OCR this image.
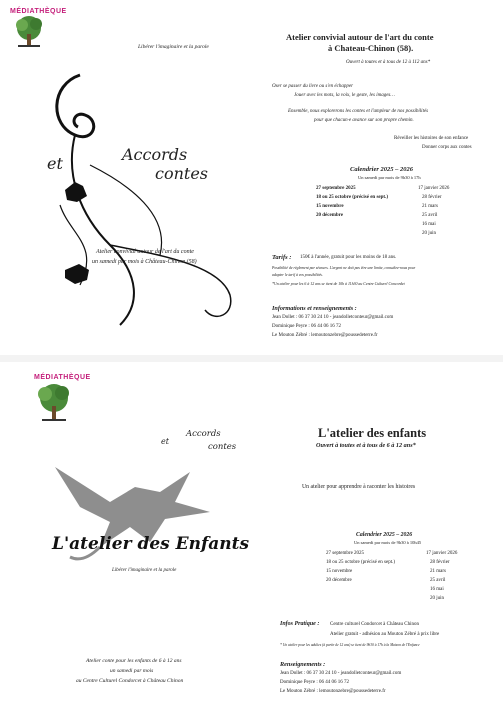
MÉDIATHÈQUE
Libérer l'imaginaire et la parole
et	Accords
contes
Atelier convivial autour de l'art du conte
un samedi par mois à Château-Chinon (58)
Atelier convivial autour de l'art du conte
à Chateau-Chinon (58).
Ouvert à toutes et à tous de 12 à 112 ans*
Oser se passer du livre ou s'en échapper
Jouer avec les mots, la voix, le geste, les images…
Ensemble, nous explorerons les contes et l'ampleur de nos possibilités
pour que chacun·e avance sur son propre chemin.
Réveiller les histoires de son enfance
Donner corps aux contes
Calendrier 2025 – 2026
Un samedi par mois de 9h30 à 17h
27 septembre 2025
18 ou 25 octobre (précisé en sept.)
15 novembre
20 décembre
17 janvier 2026
28 février
21 mars
25 avril
16 mai
20 juin
Tarifs : 150€ à l'année, gratuit pour les moins de 18 ans.
Possibilité de règlement par séances. L'argent ne doit pas être une limite, consultez-nous pour
adapter le tarif à vos possibilités.
*Un atelier pour les 6 à 12 ans se tient de 10h à 11h30 au Centre Culturel Concordet
Informations et renseignements :
Jean Dollet : 06 37 30 24 10 - jeandolletconteur@gmail.com
Dominique Peyre : 06 44 06 16 72
Le Mouton Zébré : lemoutonzebre@poussedeterre.fr
MÉDIATHÈQUE
et
Accords
contes
L'atelier des Enfants
Libérer l'imaginaire et la parole
Atelier conte pour les enfants de 6 à 12 ans
un samedi par mois
au Centre Culturel Condorcet à Château Chinon
L'atelier des enfants
Ouvert à toutes et à tous de 6 à 12 ans*
Un atelier pour apprendre à raconter les histoires
Calendrier 2025 – 2026
Un samedi par mois de 9h30 à 10h45
27 septembre 2025
18 ou 25 octobre (précisé en sept.)
15 novembre
20 décembre
17 janvier 2026
28 février
21 mars
25 avril
16 mai
20 juin
Infos Pratique : Centre culturel Condorcet à Château Chinon
Atelier gratuit - adhésion au Mouton Zébré à prix libre
* Un atelier pour les adultes (à partir de 12 ans) se tient de 9h30 à 17h à la Maison de l'Enfance
Renseignements :
Jean Dollet : 06 37 30 24 10 - jeandolletconteur@gmail.com
Dominique Peyre : 06 44 06 16 72
Le Mouton Zébré : lemoutonzebre@poussedeterre.fr
